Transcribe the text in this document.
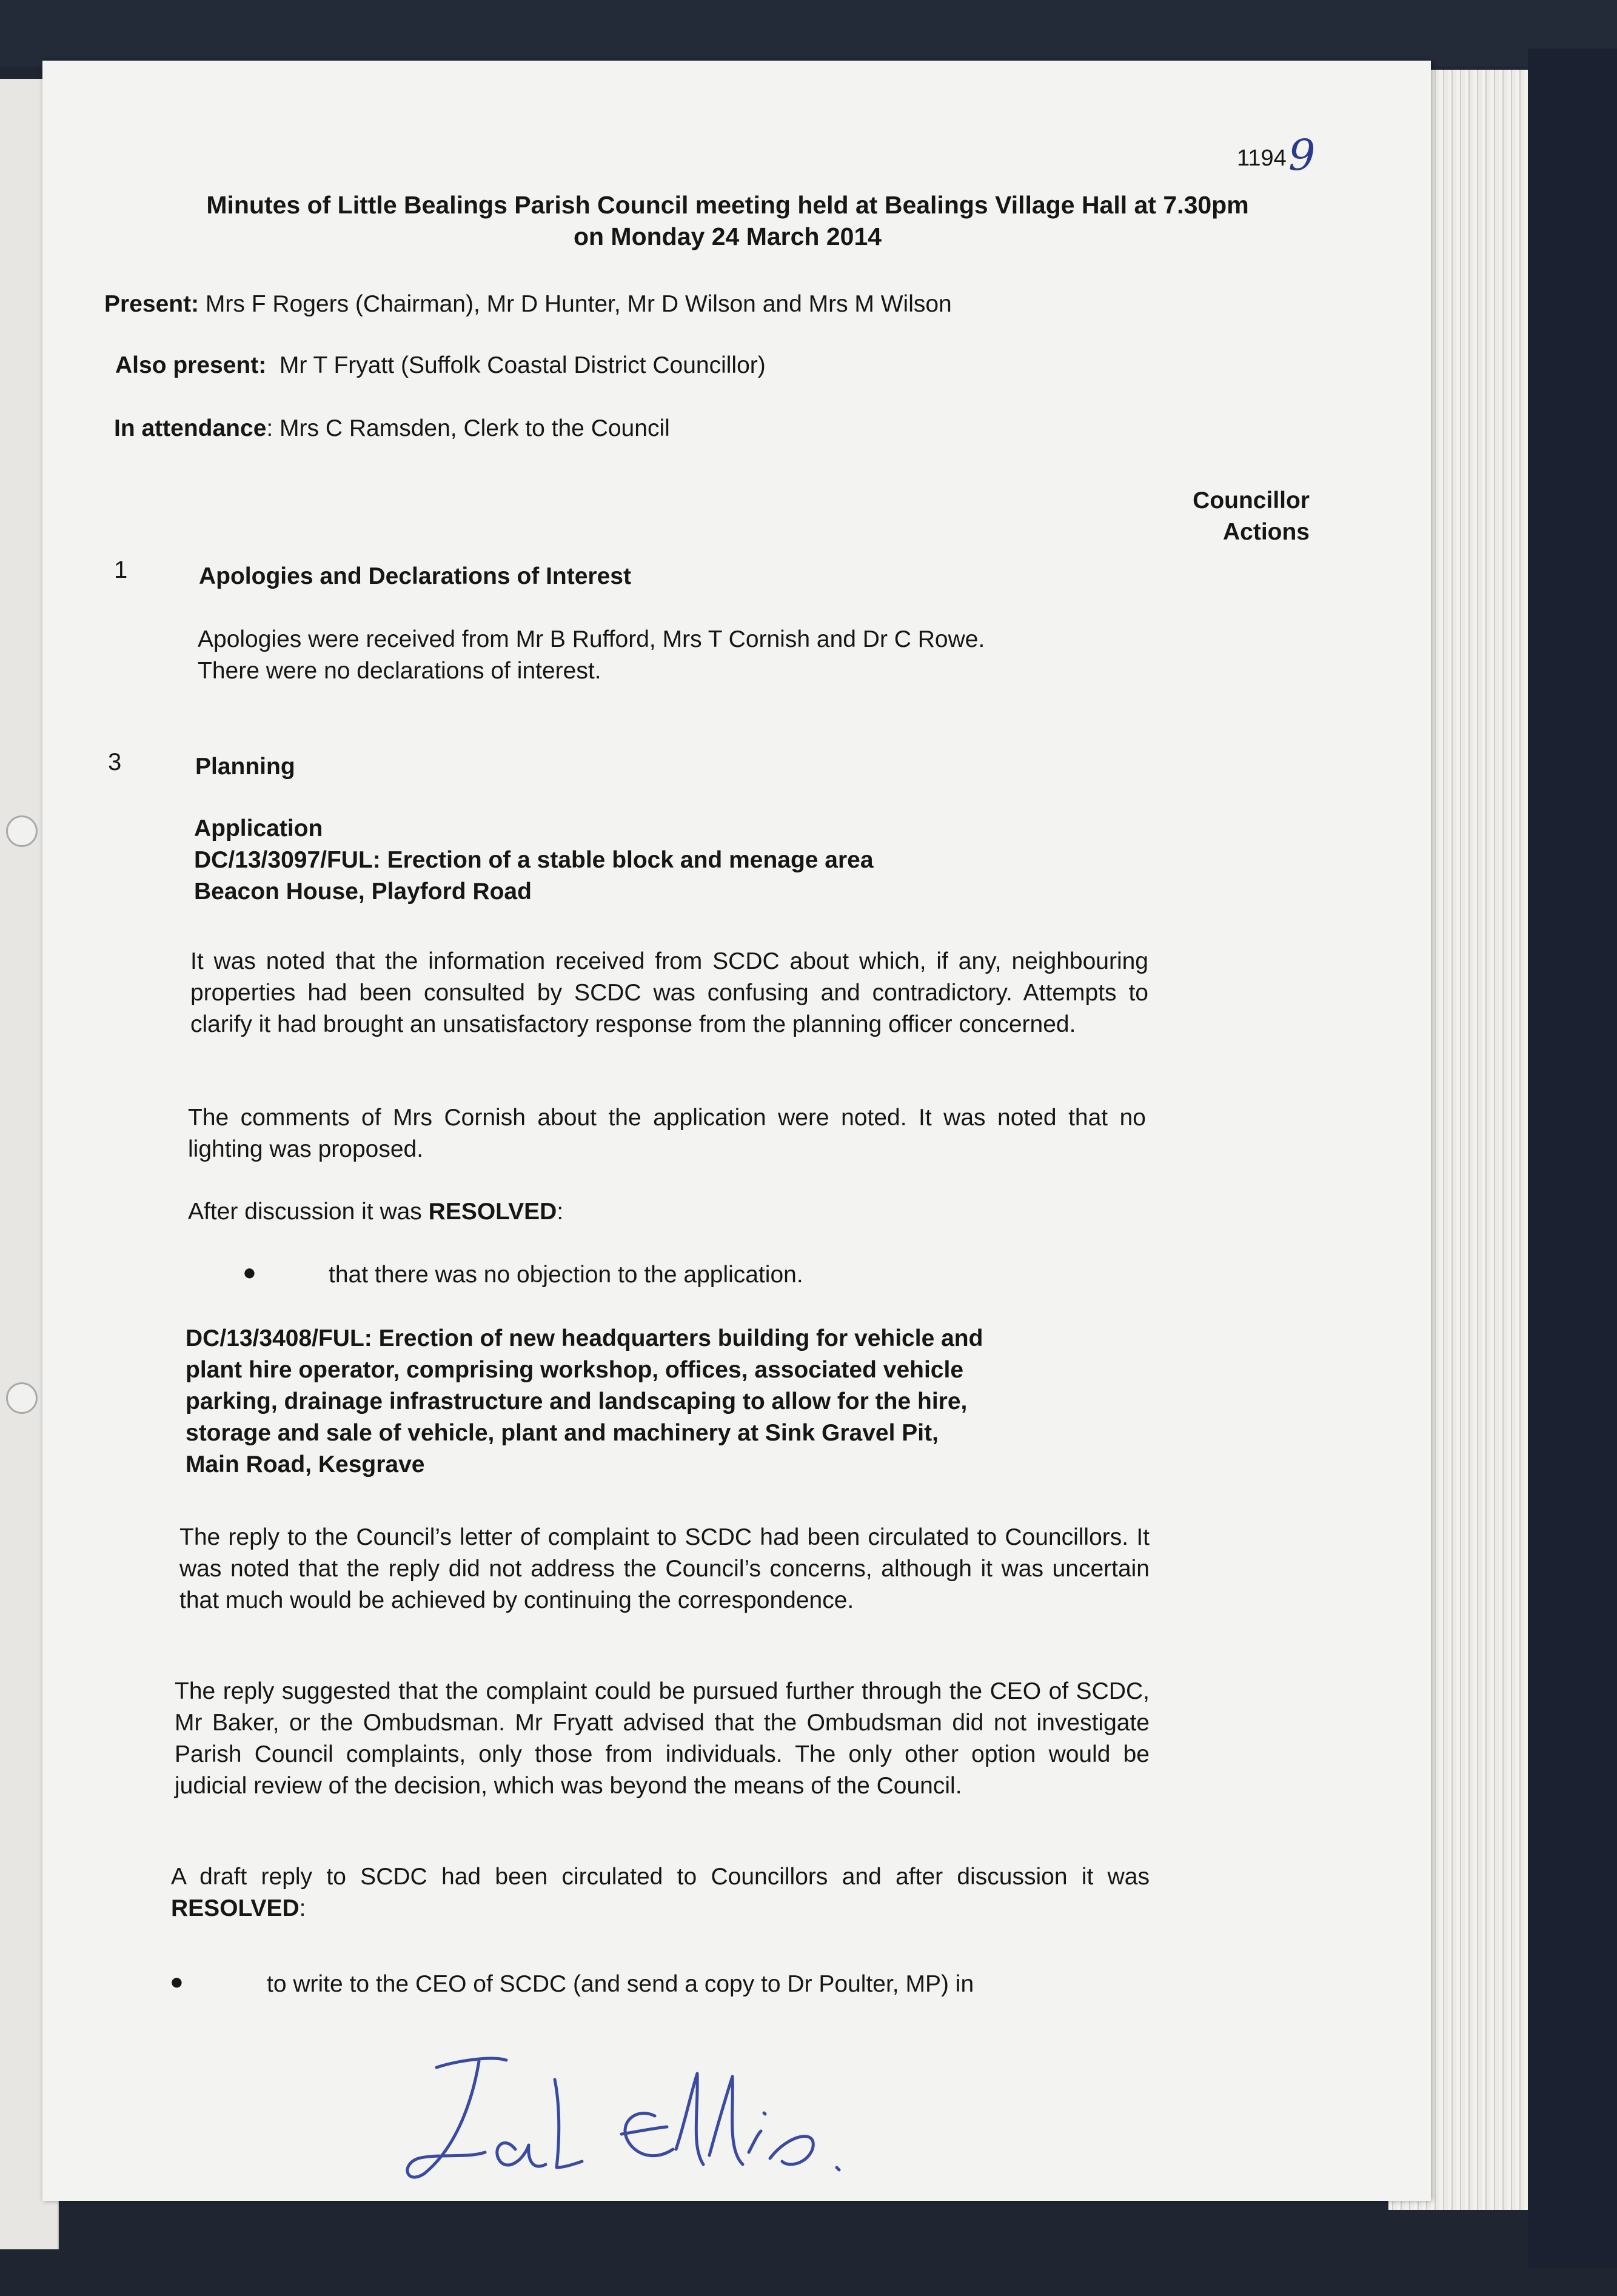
1194 9
Minutes of Little Bealings Parish Council meeting held at Bealings Village Hall at 7.30pm
on Monday 24 March 2014
Present: Mrs F Rogers (Chairman), Mr D Hunter, Mr D Wilson and Mrs M Wilson
Also present: Mr T Fryatt (Suffolk Coastal District Councillor)
In attendance: Mrs C Ramsden, Clerk to the Council
Councillor
Actions
1	Apologies and Declarations of Interest
Apologies were received from Mr B Rufford, Mrs T Cornish and Dr C Rowe.
There were no declarations of interest.
3	Planning
Application
DC/13/3097/FUL: Erection of a stable block and menage area
Beacon House, Playford Road

It was noted that the information received from SCDC about which, if any, neighbouring properties had been consulted by SCDC was confusing and contradictory. Attempts to clarify it had brought an unsatisfactory response from the planning officer concerned.

The comments of Mrs Cornish about the application were noted. It was noted that no lighting was proposed.

After discussion it was RESOLVED:
●	that there was no objection to the application.
DC/13/3408/FUL: Erection of new headquarters building for vehicle and
plant hire operator, comprising workshop, offices, associated vehicle
parking, drainage infrastructure and landscaping to allow for the hire,
storage and sale of vehicle, plant and machinery at Sink Gravel Pit,
Main Road, Kesgrave

The reply to the Council’s letter of complaint to SCDC had been circulated to Councillors. It was noted that the reply did not address the Council’s concerns, although it was uncertain that much would be achieved by continuing the correspondence.

The reply suggested that the complaint could be pursued further through the CEO of SCDC, Mr Baker, or the Ombudsman. Mr Fryatt advised that the Ombudsman did not investigate Parish Council complaints, only those from individuals. The only other option would be judicial review of the decision, which was beyond the means of the Council.

A draft reply to SCDC had been circulated to Councillors and after discussion it was RESOLVED:

●	to write to the CEO of SCDC (and send a copy to Dr Poulter, MP) in
